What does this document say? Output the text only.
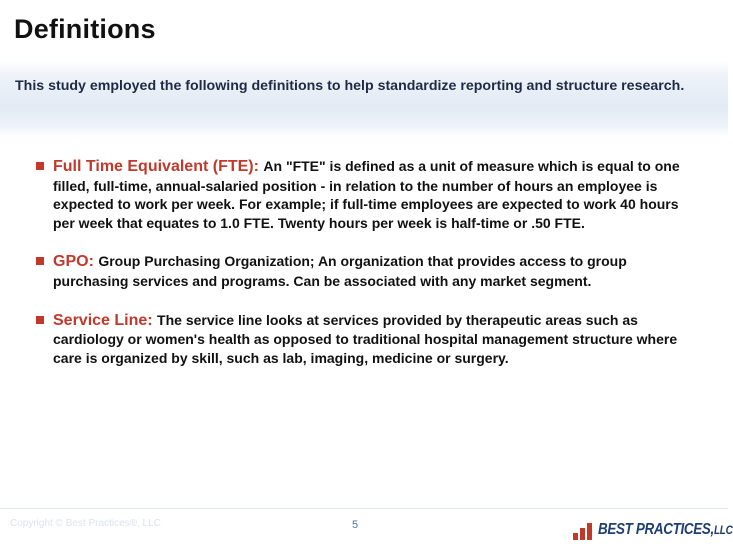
Definitions
This study employed the following definitions to help standardize reporting and structure research.
Full Time Equivalent (FTE): An "FTE" is defined as a unit of measure which is equal to one filled, full-time, annual-salaried position - in relation to the number of hours an employee is expected to work per week. For example; if full-time employees are expected to work 40 hours per week that equates to 1.0 FTE. Twenty hours per week is half-time or .50 FTE.
GPO: Group Purchasing Organization; An organization that provides access to group purchasing services and programs. Can be associated with any market segment.
Service Line: The service line looks at services provided by therapeutic areas such as cardiology or women's health as opposed to traditional hospital management structure where care is organized by skill, such as lab, imaging, medicine or surgery.
Copyright © Best Practices®, LLC	5	BEST PRACTICES,LLC
